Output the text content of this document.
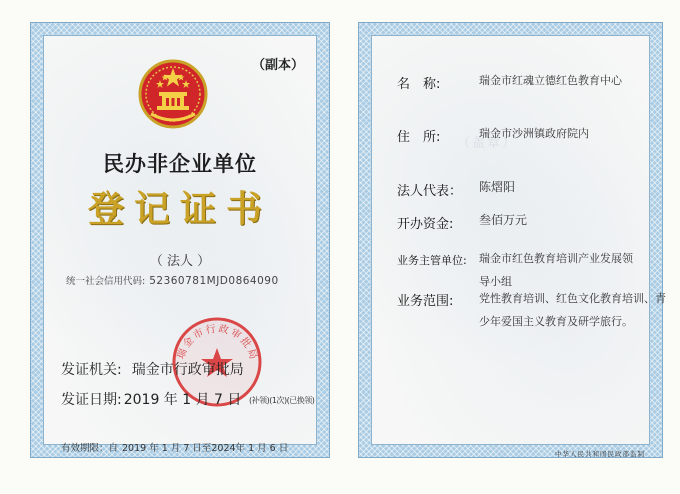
（副本）
民办非企业单位
登记证书
（ 法人 ）
统一社会信用代码: 52360781MJD0864090
瑞金市行政审批局
发证机关: 瑞金市行政审批局
发证日期: 2019 年 1 月 7 日 (补领)(1次)(已换领)
有效期限：自 2019 年 1 月 7 日至2024年 1 月 6 日
名　称:	瑞金市红魂立德红色教育中心
（盖章）
住　所:	瑞金市沙洲镇政府院内
法人代表： 陈熠阳
开办资金: 叁佰万元
业务主管单位: 瑞金市红色教育培训产业发展领导小组
业务范围: 党性教育培训、红色文化教育培训、青少年爱国主义教育及研学旅行。
中华人民共和国民政部监制
